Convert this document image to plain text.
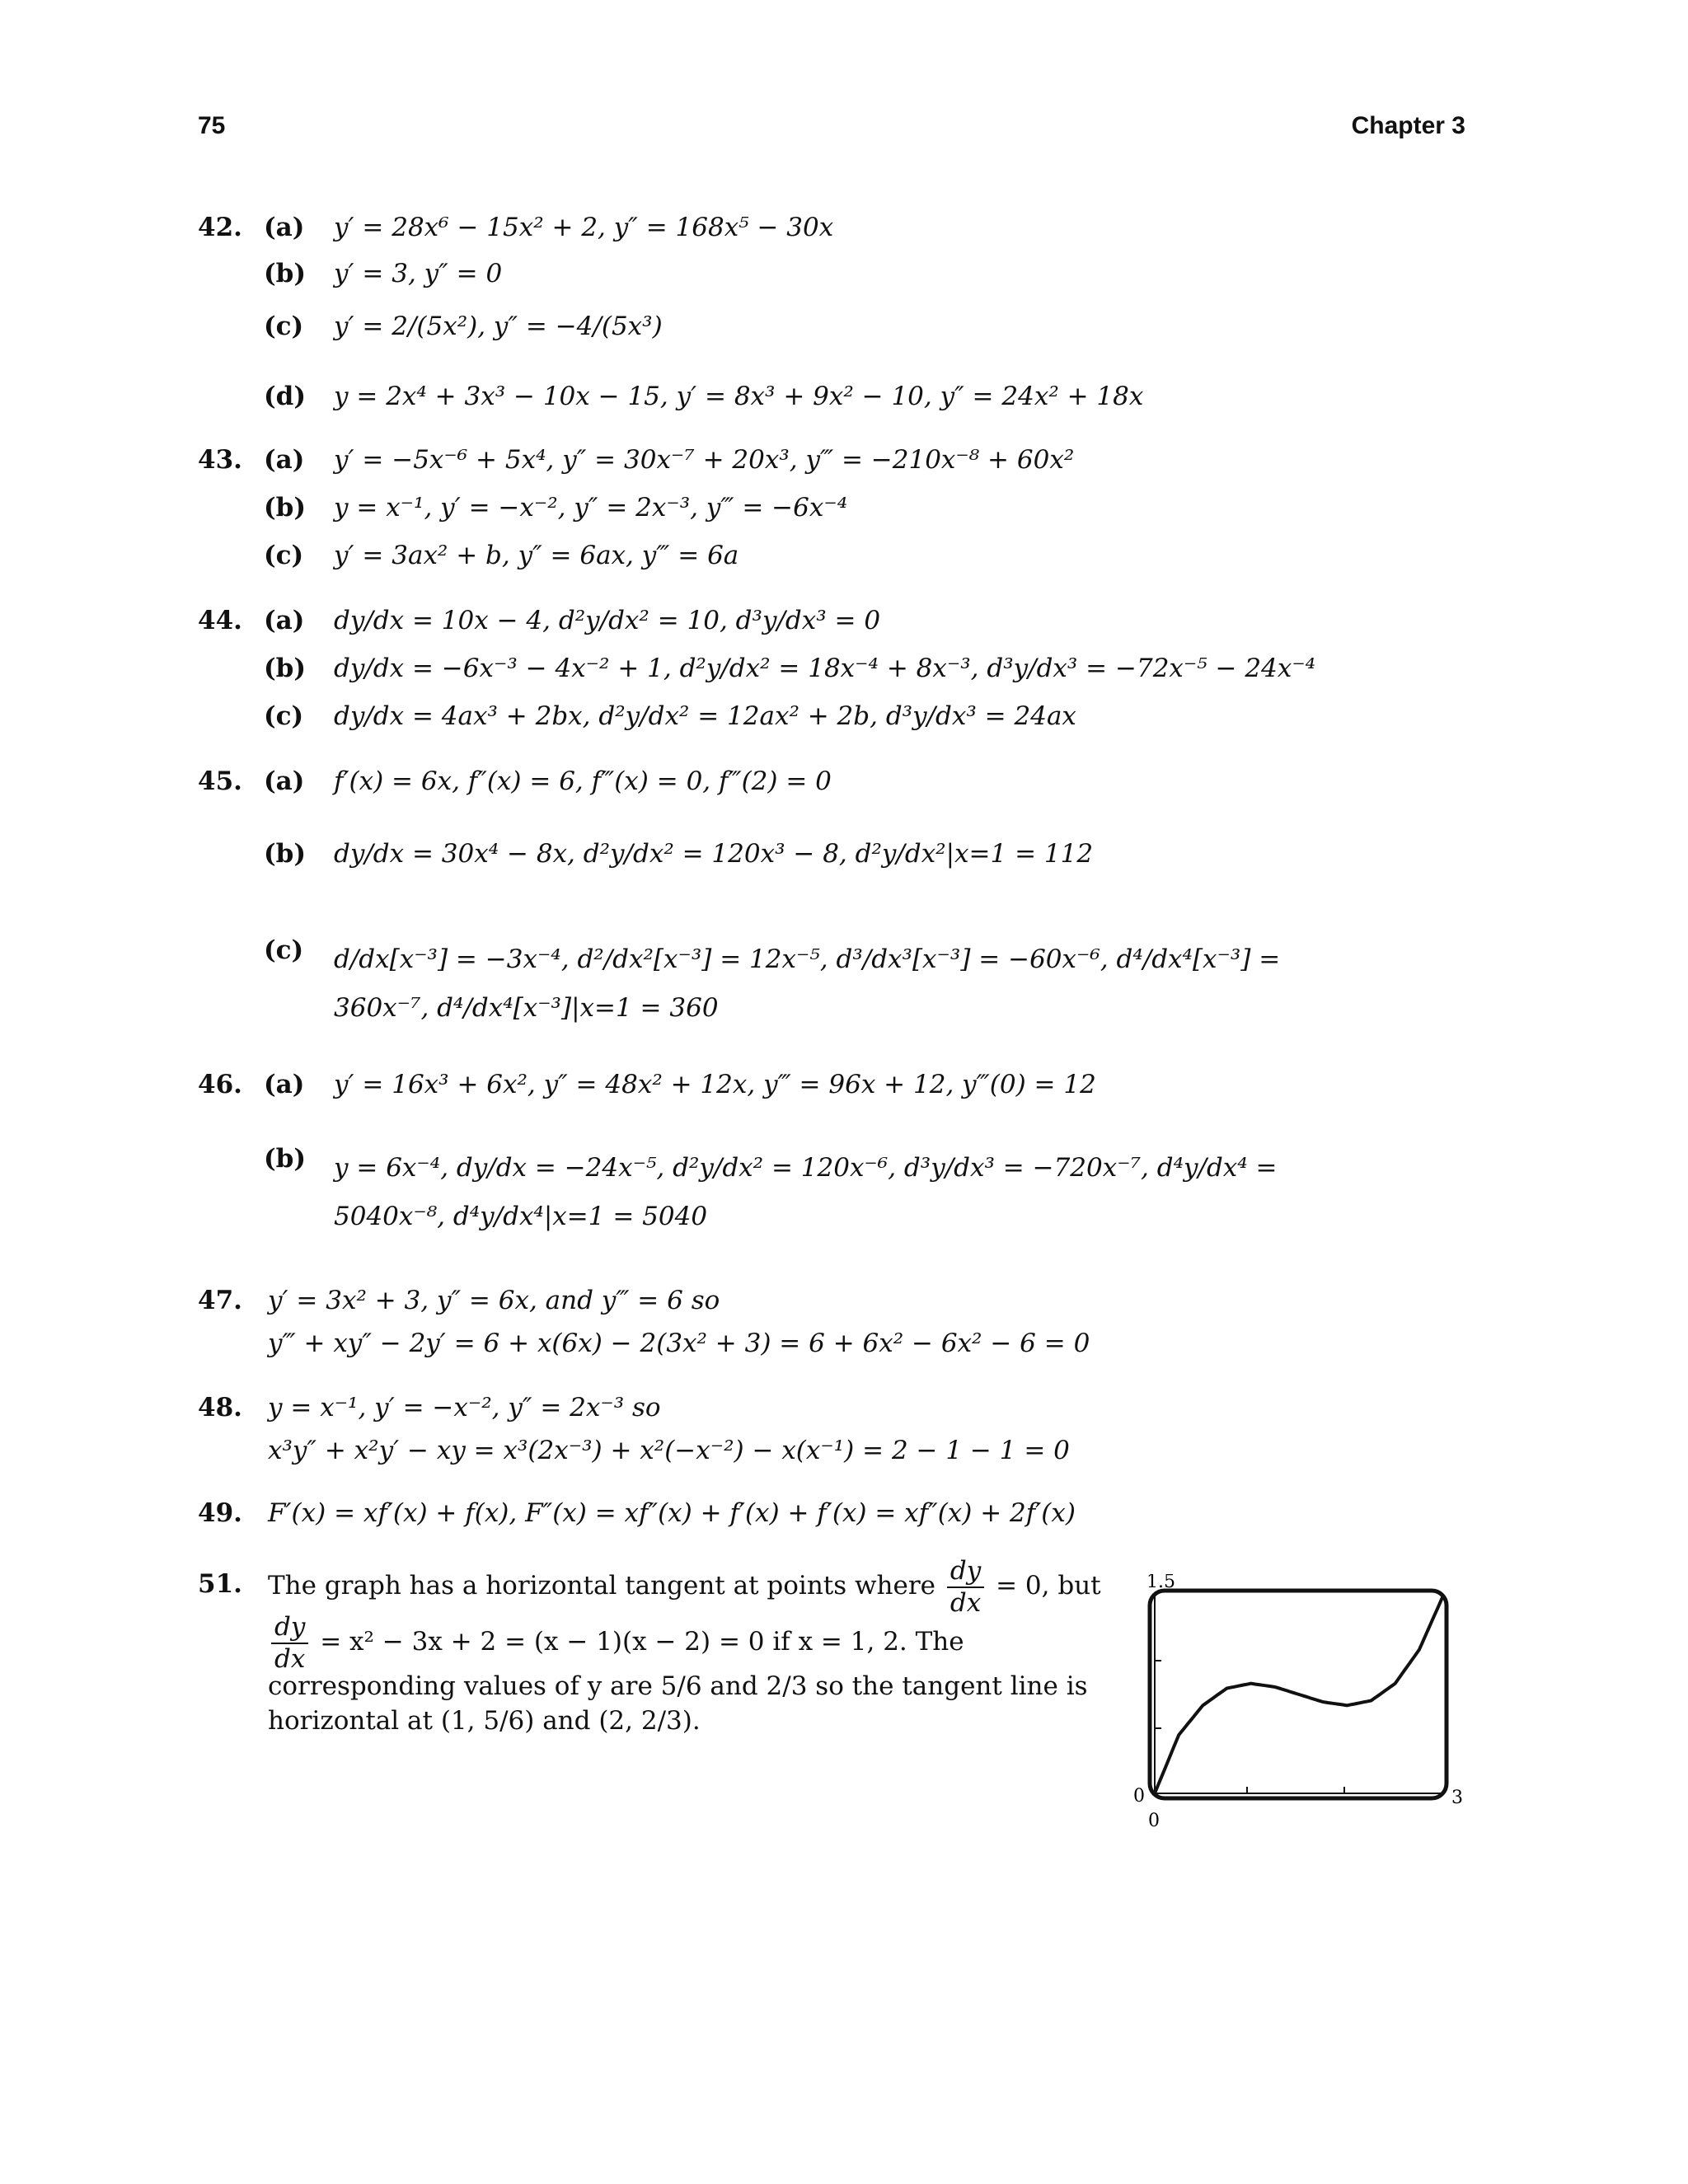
75	Chapter 3
42. (a) y′ = 28x⁶ − 15x² + 2, y″ = 168x⁵ − 30x
(b) y′ = 3, y″ = 0
(c) y′ = 2/(5x²), y″ = −4/(5x³)
(d) y = 2x⁴ + 3x³ − 10x − 15, y′ = 8x³ + 9x² − 10, y″ = 24x² + 18x
43. (a) y′ = −5x⁻⁶ + 5x⁴, y″ = 30x⁻⁷ + 20x³, y‴ = −210x⁻⁸ + 60x²
(b) y = x⁻¹, y′ = −x⁻², y″ = 2x⁻³, y‴ = −6x⁻⁴
(c) y′ = 3ax² + b, y″ = 6ax, y‴ = 6a
44. (a) dy/dx = 10x − 4, d²y/dx² = 10, d³y/dx³ = 0
(b) dy/dx = −6x⁻³ − 4x⁻² + 1, d²y/dx² = 18x⁻⁴ + 8x⁻³, d³y/dx³ = −72x⁻⁵ − 24x⁻⁴
(c) dy/dx = 4ax³ + 2bx, d²y/dx² = 12ax² + 2b, d³y/dx³ = 24ax
45. (a) f′(x) = 6x, f″(x) = 6, f‴(x) = 0, f‴(2) = 0
(b) dy/dx = 30x⁴ − 8x, d²y/dx² = 120x³ − 8, d²y/dx²|x=1 = 112
(c) d/dx[x⁻³] = −3x⁻⁴, d²/dx²[x⁻³] = 12x⁻⁵, d³/dx³[x⁻³] = −60x⁻⁶, d⁴/dx⁴[x⁻³] = 360x⁻⁷, d⁴/dx⁴[x⁻³]|x=1 = 360
46. (a) y′ = 16x³ + 6x², y″ = 48x² + 12x, y‴ = 96x + 12, y‴(0) = 12
(b) y = 6x⁻⁴, dy/dx = −24x⁻⁵, d²y/dx² = 120x⁻⁶, d³y/dx³ = −720x⁻⁷, d⁴y/dx⁴ = 5040x⁻⁸, d⁴y/dx⁴|x=1 = 5040
47. y′ = 3x² + 3, y″ = 6x, and y‴ = 6 so
y‴ + xy″ − 2y′ = 6 + x(6x) − 2(3x² + 3) = 6 + 6x² − 6x² − 6 = 0
48. y = x⁻¹, y′ = −x⁻², y″ = 2x⁻³ so
x³y″ + x²y′ − xy = x³(2x⁻³) + x²(−x⁻²) − x(x⁻¹) = 2 − 1 − 1 = 0
49. F′(x) = xf′(x) + f(x), F″(x) = xf″(x) + f′(x) + f′(x) = xf″(x) + 2f′(x)
51. The graph has a horizontal tangent at points where $\frac{dy}{dx} = 0$, but
$\frac{dy}{dx} = x^2 - 3x + 2 = (x - 1)(x - 2) = 0$ if x = 1, 2. The
corresponding values of y are 5/6 and 2/3 so the tangent line is
horizontal at (1, 5/6) and (2, 2/3).
1.5
0	3
0
